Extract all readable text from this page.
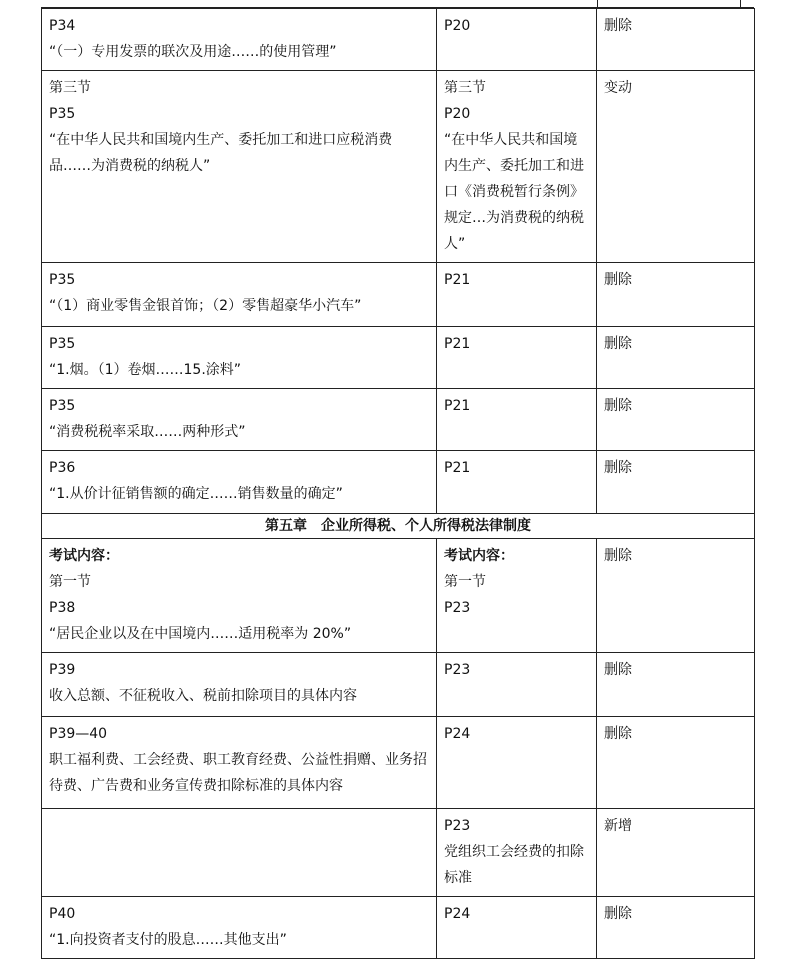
P34
“（一）专用发票的联次及用途……的使用管理”	P20	删除

第三节
P35
“在中华人民共和国境内生产、委托加工和进口应税消费品……为消费税的纳税人”	第三节
P20
“在中华人民共和国境内生产、委托加工和进口《消费税暂行条例》规定…为消费税的纳税人”	变动

P35
“（1）商业零售金银首饰；（2）零售超豪华小汽车”	P21	删除

P35
“1.烟。（1）卷烟……15.涂料”	P21	删除

P35
“消费税税率采取……两种形式”	P21	删除

P36
“1.从价计征销售额的确定……销售数量的确定”	P21	删除

第五章　企业所得税、个人所得税法律制度		

考试内容：
第一节
P38
“居民企业以及在中国境内……适用税率为 20%”	考试内容：
第一节
P23	删除

P39
收入总额、不征税收入、税前扣除项目的具体内容	P23	删除

P39—40
职工福利费、工会经费、职工教育经费、公益性捐赠、业务招待费、广告费和业务宣传费扣除标准的具体内容	P24	删除

	P23
党组织工会经费的扣除标准	新增

P40
“1.向投资者支付的股息……其他支出”	P24	删除
